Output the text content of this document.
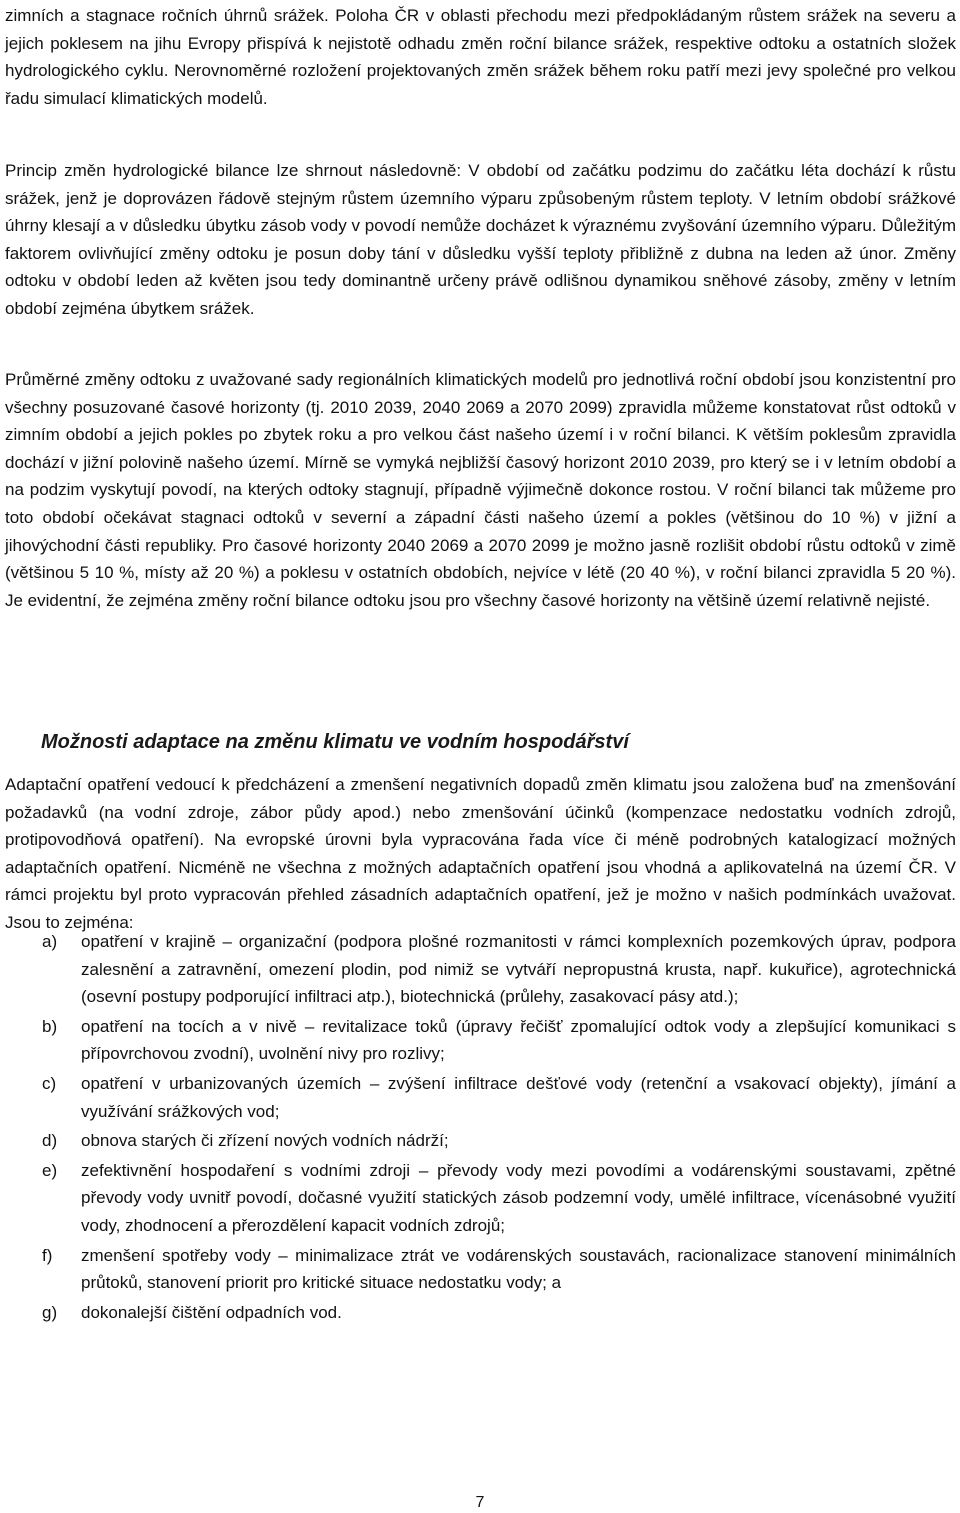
zimních a stagnace ročních úhrnů srážek. Poloha ČR v oblasti přechodu mezi předpokládaným růstem srážek na severu a jejich poklesem na jihu Evropy přispívá k nejistotě odhadu změn roční bilance srážek, respektive odtoku a ostatních složek hydrologického cyklu. Nerovnoměrné rozložení projektovaných změn srážek během roku patří mezi jevy společné pro velkou řadu simulací klimatických modelů.

Princip změn hydrologické bilance lze shrnout následovně: V období od začátku podzimu do začátku léta dochází k růstu srážek, jenž je doprovázen řádově stejným růstem územního výparu způsobeným růstem teploty. V letním období srážkové úhrny klesají a v důsledku úbytku zásob vody v povodí nemůže docházet k výraznému zvyšování územního výparu. Důležitým faktorem ovlivňující změny odtoku je posun doby tání v důsledku vyšší teploty přibližně z dubna na leden až únor. Změny odtoku v období leden až květen jsou tedy dominantně určeny právě odlišnou dynamikou sněhové zásoby, změny v letním období zejména úbytkem srážek.

Průměrné změny odtoku z uvažované sady regionálních klimatických modelů pro jednotlivá roční období jsou konzistentní pro všechny posuzované časové horizonty (tj. 2010 2039, 2040 2069 a 2070 2099) zpravidla můžeme konstatovat růst odtoků v zimním období a jejich pokles po zbytek roku a pro velkou část našeho území i v roční bilanci. K větším poklesům zpravidla dochází v jižní polovině našeho území. Mírně se vymyká nejbližší časový horizont 2010 2039, pro který se i v letním období a na podzim vyskytují povodí, na kterých odtoky stagnují, případně výjimečně dokonce rostou. V roční bilanci tak můžeme pro toto období očekávat stagnaci odtoků v severní a západní části našeho území a pokles (většinou do 10 %) v jižní a jihovýchodní části republiky. Pro časové horizonty 2040 2069 a 2070 2099 je možno jasně rozlišit období růstu odtoků v zimě (většinou 5 10 %, místy až 20 %) a poklesu v ostatních obdobích, nejvíce v létě (20 40 %), v roční bilanci zpravidla 5 20 %). Je evidentní, že zejména změny roční bilance odtoku jsou pro všechny časové horizonty na většině území relativně nejisté.

Možnosti adaptace na změnu klimatu ve vodním hospodářství

Adaptační opatření vedoucí k předcházení a zmenšení negativních dopadů změn klimatu jsou založena buď na zmenšování požadavků (na vodní zdroje, zábor půdy apod.) nebo zmenšování účinků (kompenzace nedostatku vodních zdrojů, protipovodňová opatření). Na evropské úrovni byla vypracována řada více či méně podrobných katalogizací možných adaptačních opatření. Nicméně ne všechna z možných adaptačních opatření jsou vhodná a aplikovatelná na území ČR. V rámci projektu byl proto vypracován přehled zásadních adaptačních opatření, jež je možno v našich podmínkách uvažovat. Jsou to zejména:

a) opatření v krajině – organizační (podpora plošné rozmanitosti v rámci komplexních pozemkových úprav, podpora zalesnění a zatravnění, omezení plodin, pod nimiž se vytváří nepropustná krusta, např. kukuřice), agrotechnická (osevní postupy podporující infiltraci atp.), biotechnická (průlehy, zasakovací pásy atd.);
b) opatření na tocích a v nivě – revitalizace toků (úpravy řečišť zpomalující odtok vody a zlepšující komunikaci s přípovrchovou zvodní), uvolnění nivy pro rozlivy;
c) opatření v urbanizovaných územích – zvýšení infiltrace dešťové vody (retenční a vsakovací objekty), jímání a využívání srážkových vod;
d) obnova starých či zřízení nových vodních nádrží;
e) zefektivnění hospodaření s vodními zdroji – převody vody mezi povodími a vodárenskými soustavami, zpětné převody vody uvnitř povodí, dočasné využití statických zásob podzemní vody, umělé infiltrace, vícenásobné využití vody, zhodnocení a přerozdělení kapacit vodních zdrojů;
f) zmenšení spotřeby vody – minimalizace ztrát ve vodárenských soustavách, racionalizace stanovení minimálních průtoků, stanovení priorit pro kritické situace nedostatku vody; a
g) dokonalejší čištění odpadních vod.
7
